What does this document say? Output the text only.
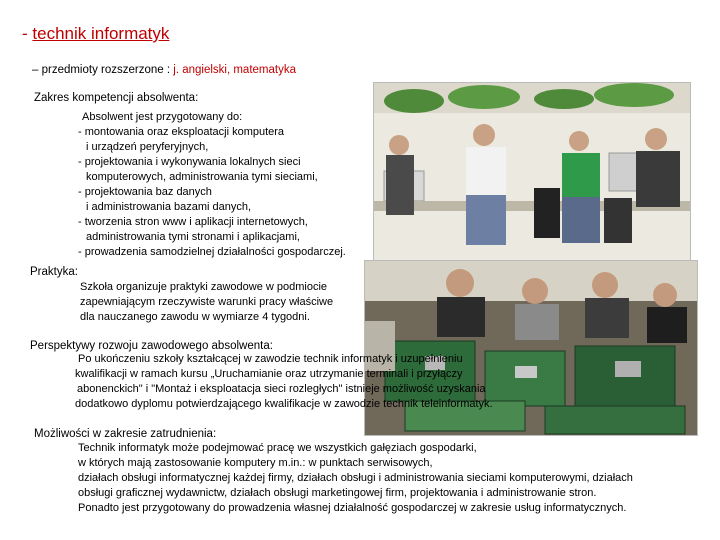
- technik informatyk
– przedmioty rozszerzone : j. angielski, matematyka
Zakres kompetencji absolwenta:
Absolwent jest przygotowany do:
- montowania oraz eksploatacji komputera
i urządzeń peryferyjnych,
- projektowania i wykonywania lokalnych sieci
komputerowych, administrowania tymi sieciami,
- projektowania baz danych
i administrowania bazami danych,
- tworzenia stron www i aplikacji internetowych,
administrowania tymi stronami i aplikacjami,
- prowadzenia samodzielnej działalności gospodarczej.
Praktyka:
Szkoła organizuje praktyki zawodowe w podmiocie
zapewniającym rzeczywiste warunki pracy właściwe
dla nauczanego zawodu w wymiarze 4 tygodni.
Perspektywy rozwoju zawodowego absolwenta:
Po ukończeniu szkoły kształcącej w zawodzie technik informatyk i uzupełnieniu
kwalifikacji w ramach kursu „Uruchamianie oraz utrzymanie terminali i przyłączy
abonenckich" i "Montaż i eksploatacja sieci rozległych" istnieje możliwość uzyskania
dodatkowo dyplomu potwierdzającego kwalifikacje w zawodzie technik teleinformatyk.
Możliwości w zakresie zatrudnienia:
Technik informatyk może podejmować pracę we wszystkich gałęziach gospodarki,
w których mają zastosowanie komputery m.in.: w punktach serwisowych,
działach obsługi informatycznej każdej firmy, działach obsługi i administrowania sieciami komputerowymi, działach
obsługi graficznej wydawnictw, działach obsługi marketingowej firm, projektowania i administrowanie stron.
Ponadto jest przygotowany do prowadzenia własnej działalność gospodarczej w zakresie usług informatycznych.
